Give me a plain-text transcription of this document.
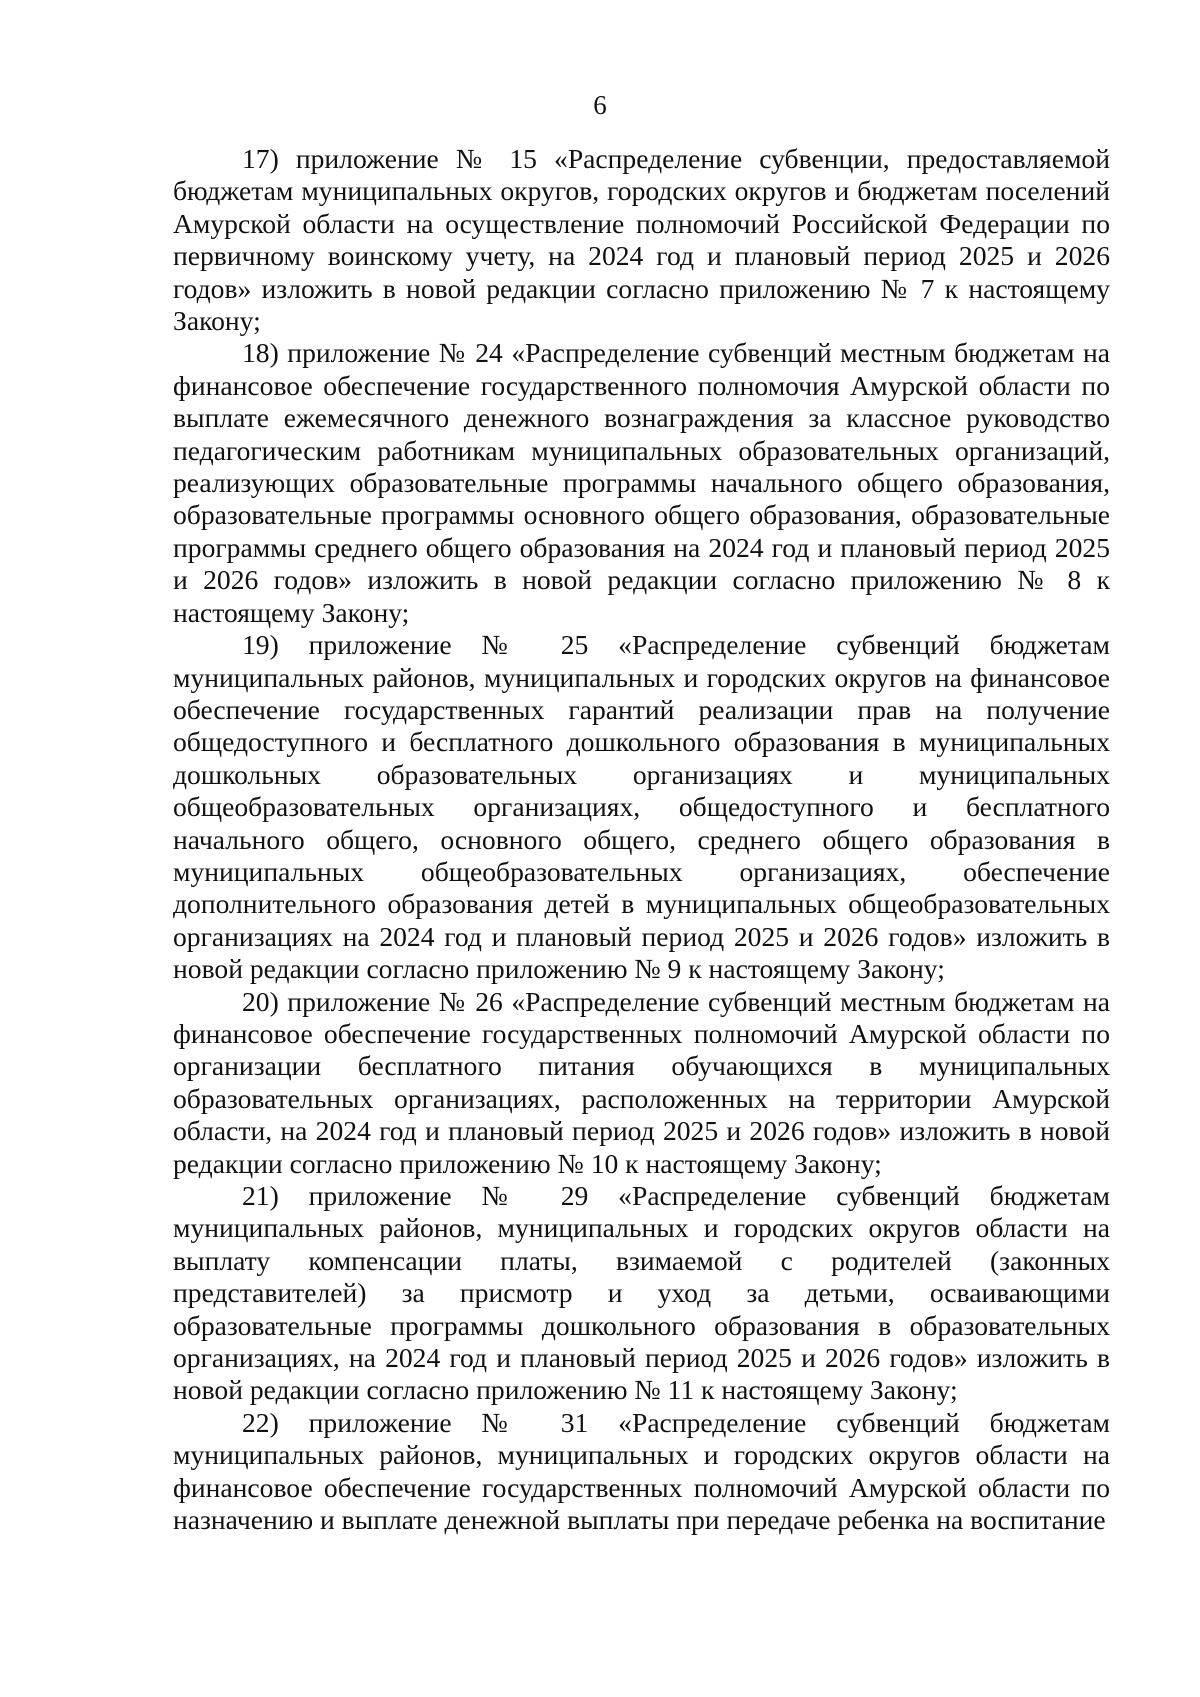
6

17) приложение № 15 «Распределение субвенции, предоставляемой бюджетам муниципальных округов, городских округов и бюджетам поселений Амурской области на осуществление полномочий Российской Федерации по первичному воинскому учету, на 2024 год и плановый период 2025 и 2026 годов» изложить в новой редакции согласно приложению № 7 к настоящему Закону;

18) приложение № 24 «Распределение субвенций местным бюджетам на финансовое обеспечение государственного полномочия Амурской области по выплате ежемесячного денежного вознаграждения за классное руководство педагогическим работникам муниципальных образовательных организаций, реализующих образовательные программы начального общего образования, образовательные программы основного общего образования, образовательные программы среднего общего образования на 2024 год и плановый период 2025 и 2026 годов» изложить в новой редакции согласно приложению № 8 к настоящему Закону;

19) приложение № 25 «Распределение субвенций бюджетам муниципальных районов, муниципальных и городских округов на финансовое обеспечение государственных гарантий реализации прав на получение общедоступного и бесплатного дошкольного образования в муниципальных дошкольных образовательных организациях и муниципальных общеобразовательных организациях, общедоступного и бесплатного начального общего, основного общего, среднего общего образования в муниципальных общеобразовательных организациях, обеспечение дополнительного образования детей в муниципальных общеобразовательных организациях на 2024 год и плановый период 2025 и 2026 годов» изложить в новой редакции согласно приложению № 9 к настоящему Закону;

20) приложение № 26 «Распределение субвенций местным бюджетам на финансовое обеспечение государственных полномочий Амурской области по организации бесплатного питания обучающихся в муниципальных образовательных организациях, расположенных на территории Амурской области, на 2024 год и плановый период 2025 и 2026 годов» изложить в новой редакции согласно приложению № 10 к настоящему Закону;

21) приложение № 29 «Распределение субвенций бюджетам муниципальных районов, муниципальных и городских округов области на выплату компенсации платы, взимаемой с родителей (законных представителей) за присмотр и уход за детьми, осваивающими образовательные программы дошкольного образования в образовательных организациях, на 2024 год и плановый период 2025 и 2026 годов» изложить в новой редакции согласно приложению № 11 к настоящему Закону;

22) приложение № 31 «Распределение субвенций бюджетам муниципальных районов, муниципальных и городских округов области на финансовое обеспечение государственных полномочий Амурской области по назначению и выплате денежной выплаты при передаче ребенка на воспитание
